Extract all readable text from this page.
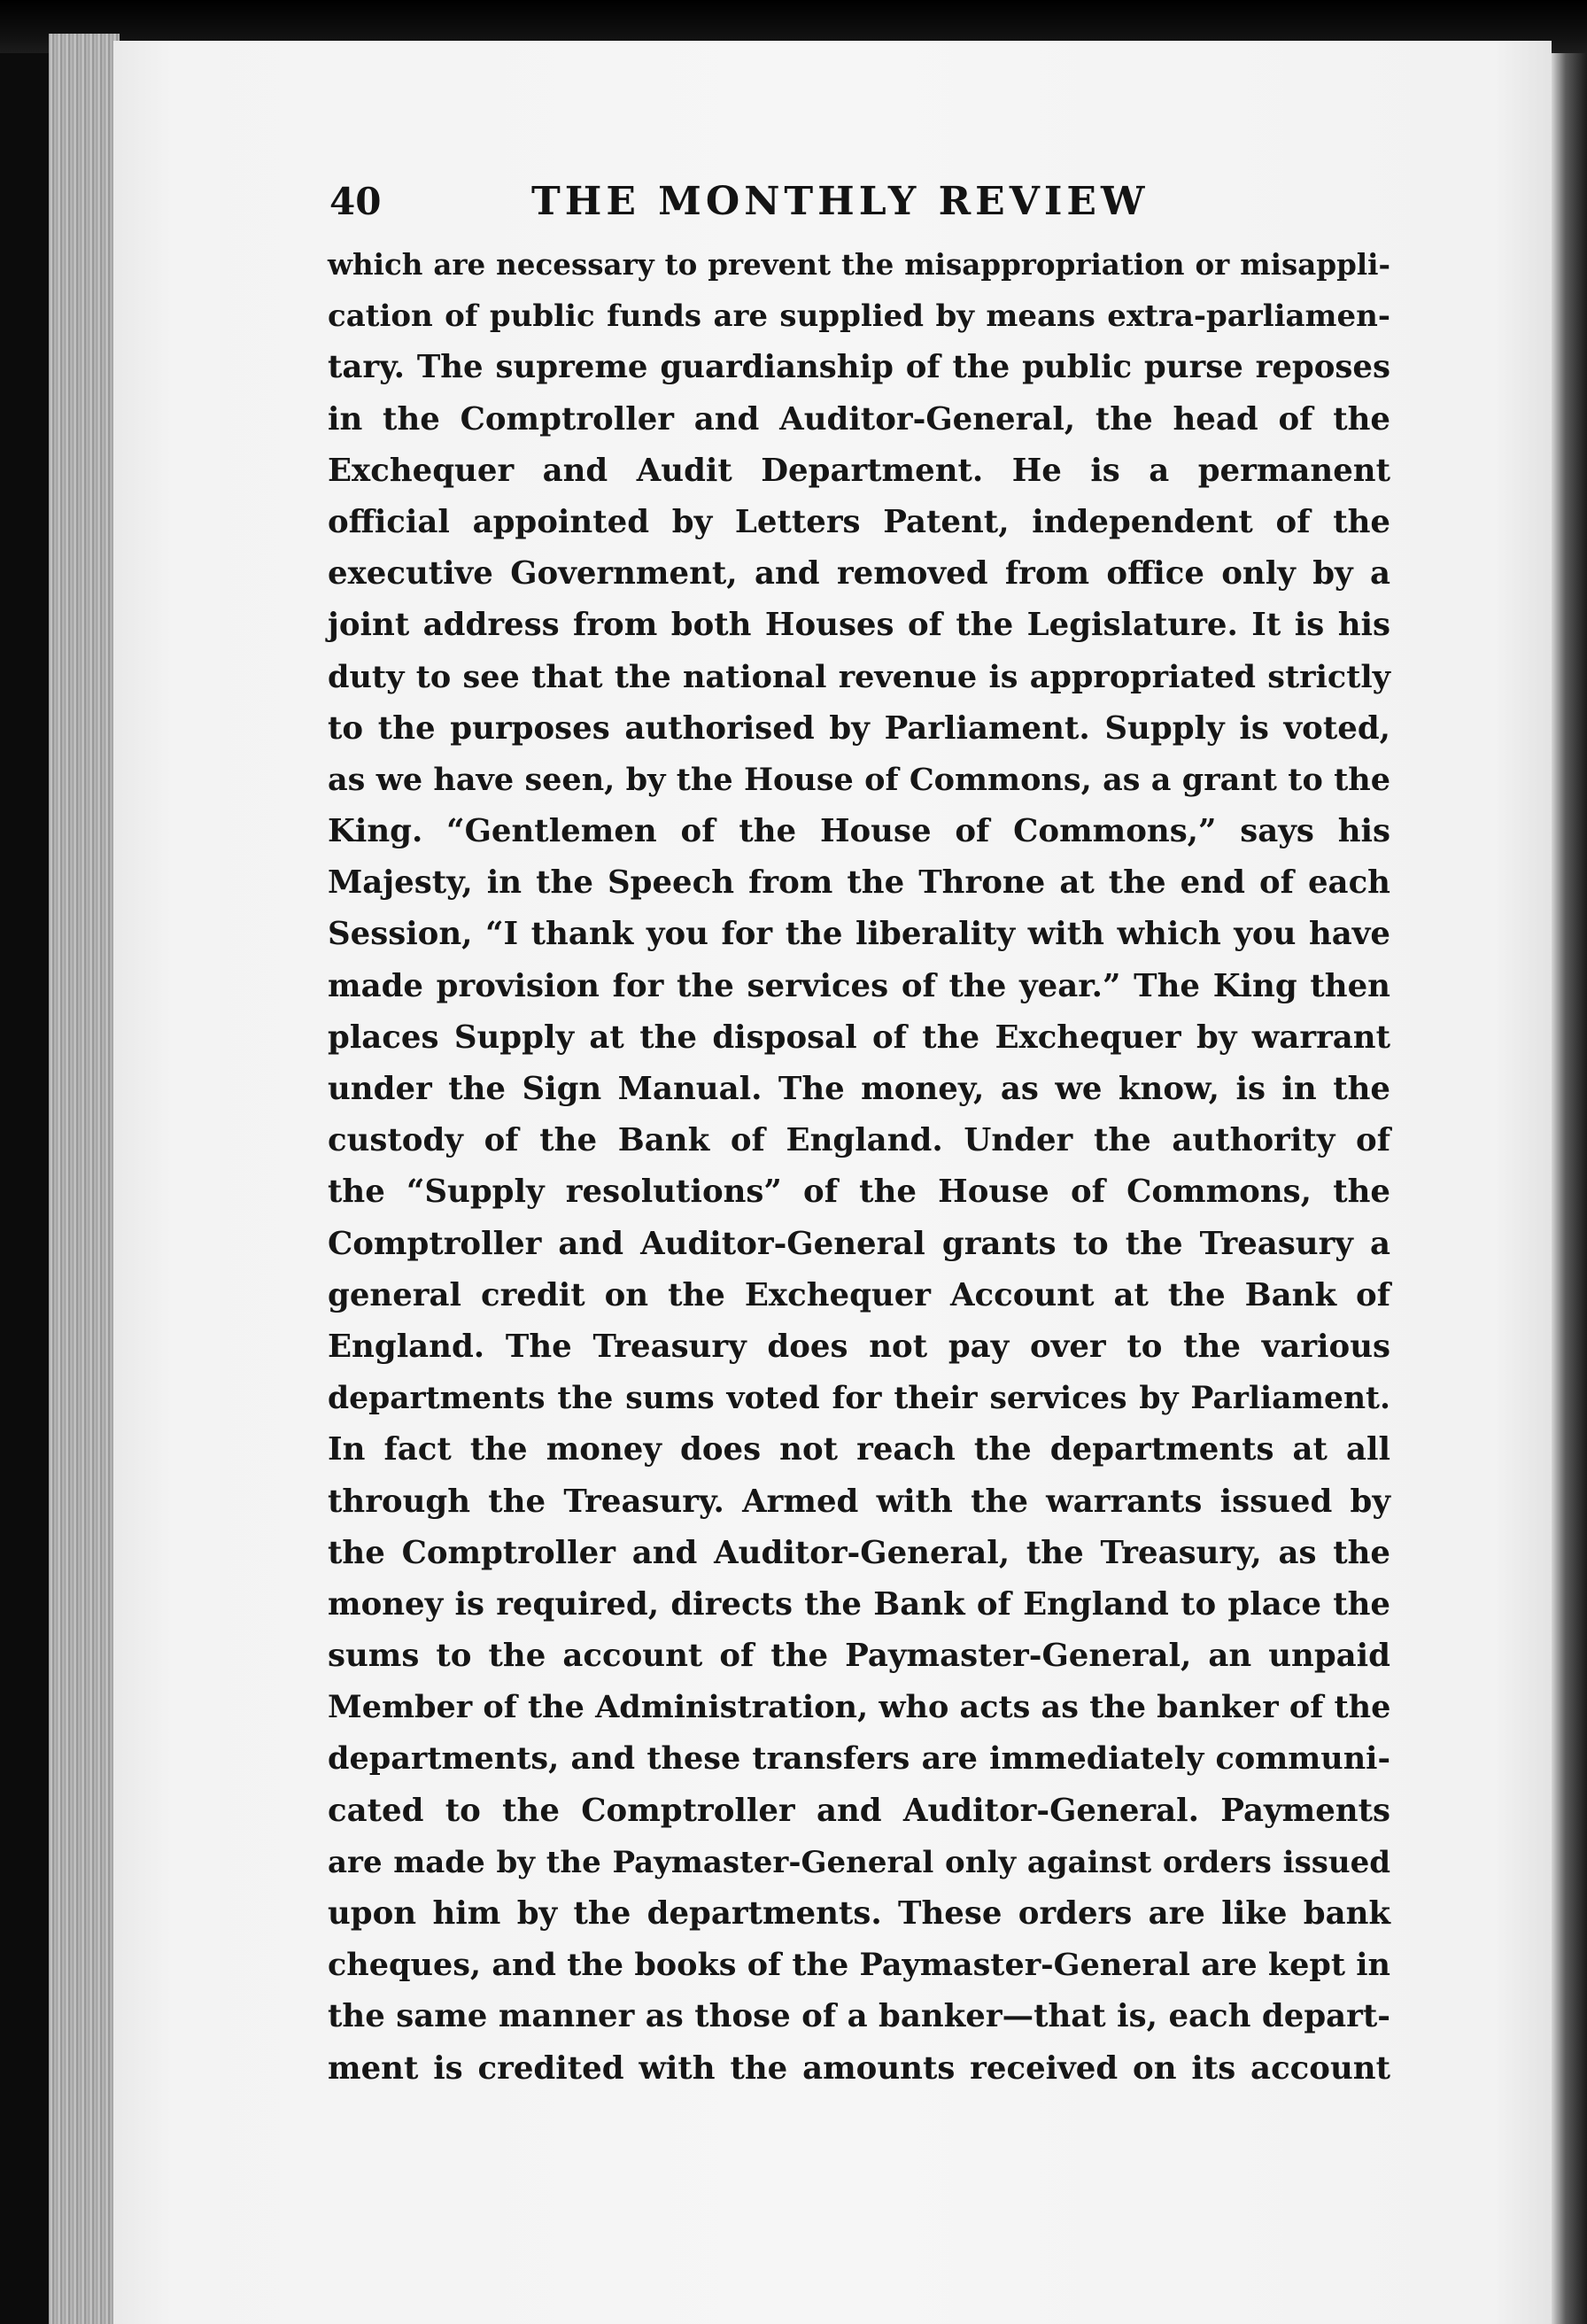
40	THE MONTHLY REVIEW
which are necessary to prevent the misappropriation or misappli-
cation of public funds are supplied by means extra-parliamen-
tary. The supreme guardianship of the public purse reposes
in the Comptroller and Auditor-General, the head of the
Exchequer and Audit Department. He is a permanent
official appointed by Letters Patent, independent of the
executive Government, and removed from office only by a
joint address from both Houses of the Legislature. It is his
duty to see that the national revenue is appropriated strictly
to the purposes authorised by Parliament. Supply is voted,
as we have seen, by the House of Commons, as a grant to the
King. “Gentlemen of the House of Commons,” says his
Majesty, in the Speech from the Throne at the end of each
Session, “I thank you for the liberality with which you have
made provision for the services of the year.” The King then
places Supply at the disposal of the Exchequer by warrant
under the Sign Manual. The money, as we know, is in the
custody of the Bank of England. Under the authority of
the “Supply resolutions” of the House of Commons, the
Comptroller and Auditor-General grants to the Treasury a
general credit on the Exchequer Account at the Bank of
England. The Treasury does not pay over to the various
departments the sums voted for their services by Parliament.
In fact the money does not reach the departments at all
through the Treasury. Armed with the warrants issued by
the Comptroller and Auditor-General, the Treasury, as the
money is required, directs the Bank of England to place the
sums to the account of the Paymaster-General, an unpaid
Member of the Administration, who acts as the banker of the
departments, and these transfers are immediately communi-
cated to the Comptroller and Auditor-General. Payments
are made by the Paymaster-General only against orders issued
upon him by the departments. These orders are like bank
cheques, and the books of the Paymaster-General are kept in
the same manner as those of a banker—that is, each depart-
ment is credited with the amounts received on its account
